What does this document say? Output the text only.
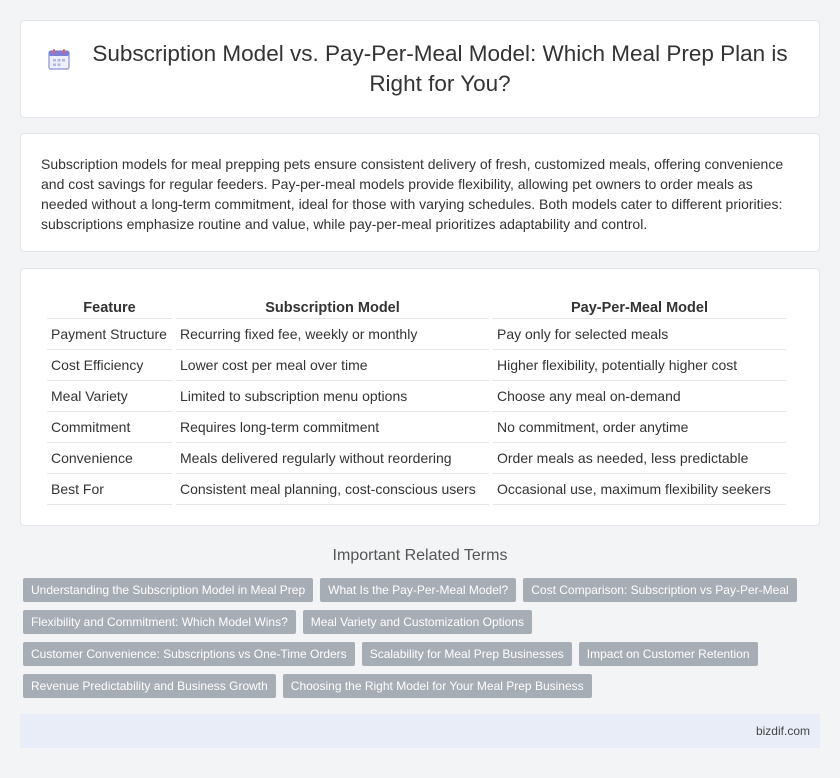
Subscription Model vs. Pay-Per-Meal Model: Which Meal Prep Plan is Right for You?

Subscription models for meal prepping pets ensure consistent delivery of fresh, customized meals, offering convenience and cost savings for regular feeders. Pay-per-meal models provide flexibility, allowing pet owners to order meals as needed without a long-term commitment, ideal for those with varying schedules. Both models cater to different priorities: subscriptions emphasize routine and value, while pay-per-meal prioritizes adaptability and control.

Feature	Subscription Model	Pay-Per-Meal Model
Payment Structure	Recurring fixed fee, weekly or monthly	Pay only for selected meals
Cost Efficiency	Lower cost per meal over time	Higher flexibility, potentially higher cost
Meal Variety	Limited to subscription menu options	Choose any meal on-demand
Commitment	Requires long-term commitment	No commitment, order anytime
Convenience	Meals delivered regularly without reordering	Order meals as needed, less predictable
Best For	Consistent meal planning, cost-conscious users	Occasional use, maximum flexibility seekers
Important Related Terms
Understanding the Subscription Model in Meal Prep	What Is the Pay-Per-Meal Model?	Cost Comparison: Subscription vs Pay-Per-Meal
Flexibility and Commitment: Which Model Wins?	Meal Variety and Customization Options
Customer Convenience: Subscriptions vs One-Time Orders	Scalability for Meal Prep Businesses	Impact on Customer Retention
Revenue Predictability and Business Growth	Choosing the Right Model for Your Meal Prep Business
bizdif.com
